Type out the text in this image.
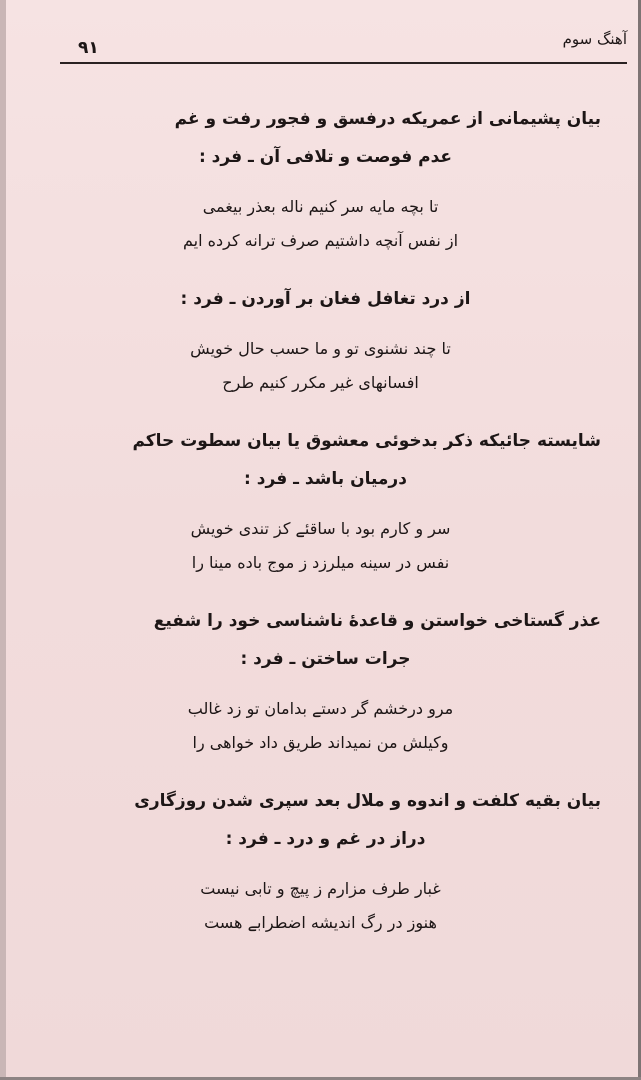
آهنگ سوم
۹۱
بیان پشیمانی از عمریکه درفسق و فجور رفت و غم
عدم فوصت و تلافی آن ـ فرد :
تا بچه مایه سر کنیم ناله بعذر بیغمی
از نفس آنچه داشتیم صرف ترانه کرده ایم
از درد تغافل فغان بر آوردن ـ فرد :
تا چند نشنوی تو و ما حسب حال خویش
افسانهای غیر مکرر کنیم طرح
شایسته جائیکه ذکر بدخوئی معشوق یا بیان سطوت حاکم
درمیان باشد ـ فرد :
سر و کارم بود با ساقئے کز تندی خویش
نفس در سینه میلرزد ز موج باده مینا را
عذر گستاخی خواستن و قاعدهٔ ناشناسی خود را شفیع
جرات ساختن ـ فرد :
مرو درخشم گر دستے بدامان تو زد غالب
وکیلش من نمیداند طریق داد خواهی را
بیان بقیه کلفت و اندوه و ملال بعد سپری شدن روزگاری
دراز در غم و درد ـ فرد :
غبار طرف مزارم ز پیچ و تابی نیست
هنوز در رگ اندیشه اضطرابے هست
